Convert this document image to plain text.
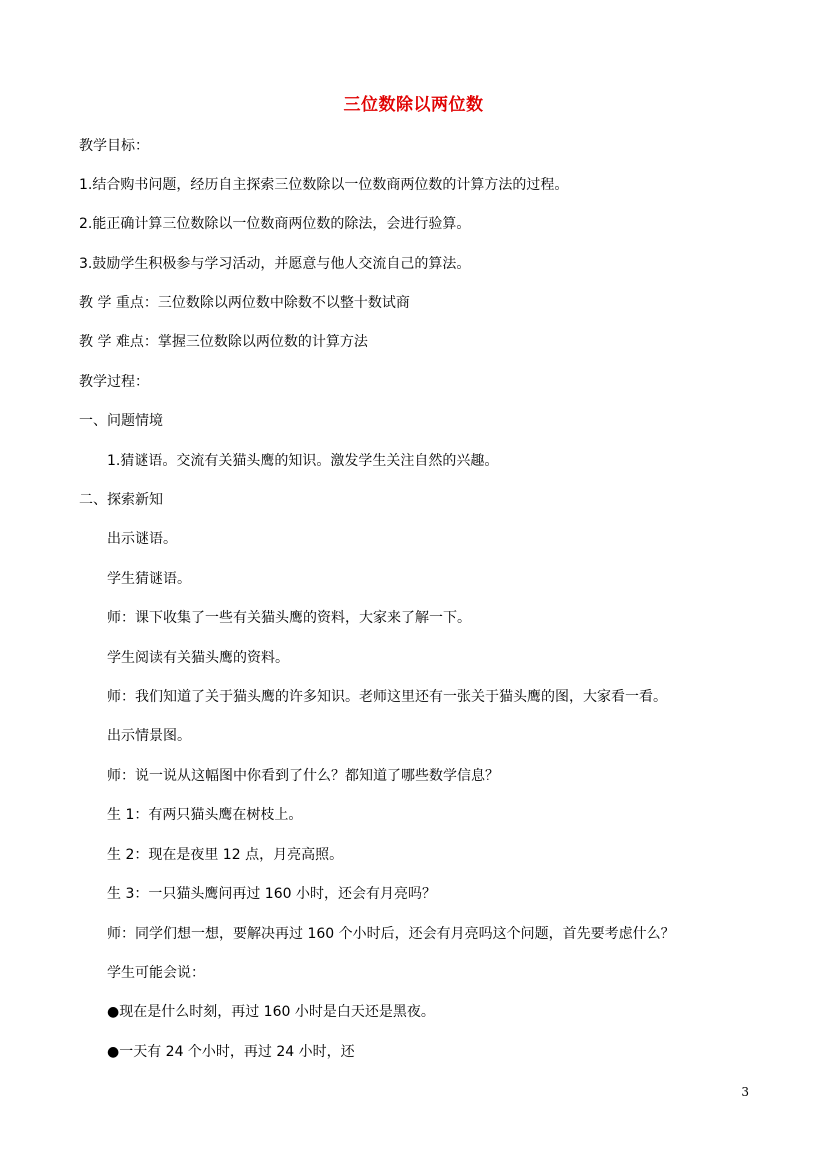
三位数除以两位数
教学目标：
1.结合购书问题，经历自主探索三位数除以一位数商两位数的计算方法的过程。
2.能正确计算三位数除以一位数商两位数的除法，会进行验算。
3.鼓励学生积极参与学习活动，并愿意与他人交流自己的算法。
教 学 重点：三位数除以两位数中除数不以整十数试商
教 学 难点：掌握三位数除以两位数的计算方法
教学过程：
一、问题情境
1.猜谜语。交流有关猫头鹰的知识。激发学生关注自然的兴趣。
二、探索新知
出示谜语。
学生猜谜语。
师：课下收集了一些有关猫头鹰的资料，大家来了解一下。
学生阅读有关猫头鹰的资料。
师：我们知道了关于猫头鹰的许多知识。老师这里还有一张关于猫头鹰的图，大家看一看。
出示情景图。
师：说一说从这幅图中你看到了什么？都知道了哪些数学信息？
生 1：有两只猫头鹰在树枝上。
生 2：现在是夜里 12 点，月亮高照。
生 3：一只猫头鹰问再过 160 小时，还会有月亮吗？
师：同学们想一想，要解决再过 160 个小时后，还会有月亮吗这个问题，首先要考虑什么？
学生可能会说：
●现在是什么时刻，再过 160 小时是白天还是黑夜。
●一天有 24 个小时，再过 24 小时，还
3
